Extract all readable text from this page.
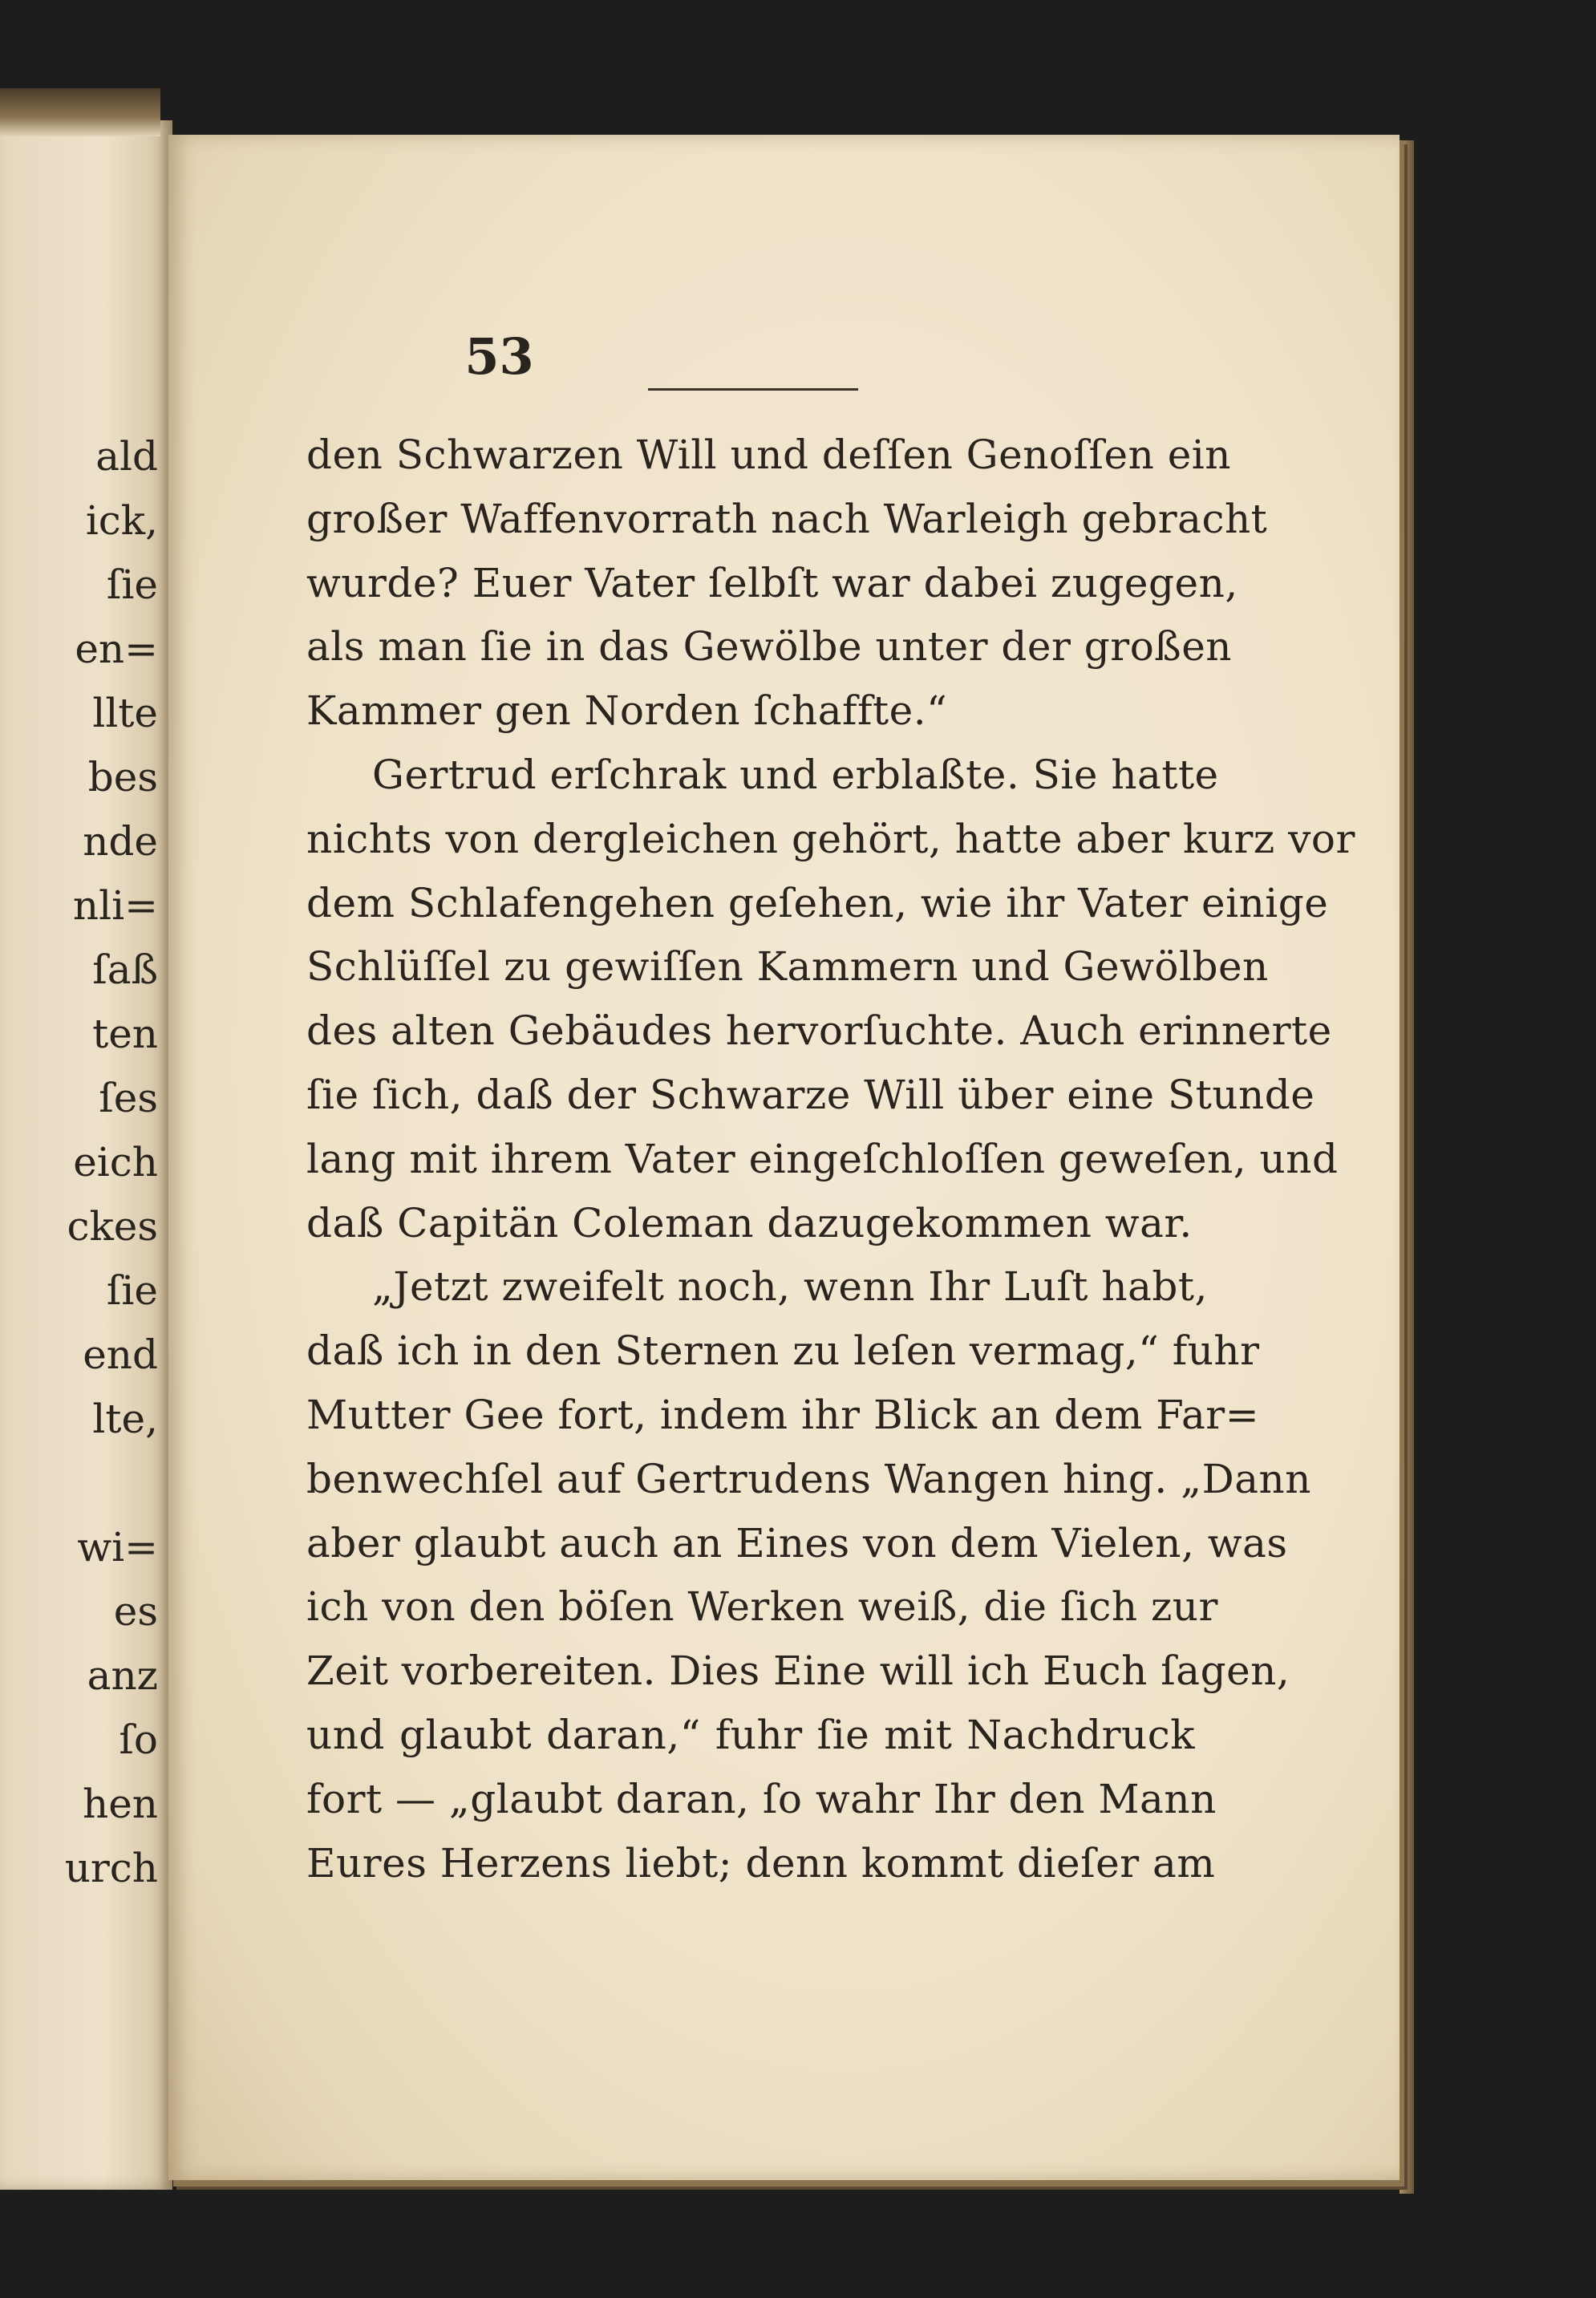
ald
ick,
ſie
en=
llte
bes
nde
nli=
ſaß
ten
ſes
eich
ckes
ſie
end
lte,
wi=
es
anz
ſo
hen
urch
53
den Schwarzen Will und deſſen Genoſſen ein
großer Waffenvorrath nach Warleigh gebracht
wurde? Euer Vater ſelbſt war dabei zugegen,
als man ſie in das Gewölbe unter der großen
Kammer gen Norden ſchaffte.“
Gertrud erſchrak und erblaßte. Sie hatte
nichts von dergleichen gehört, hatte aber kurz vor
dem Schlafengehen geſehen, wie ihr Vater einige
Schlüſſel zu gewiſſen Kammern und Gewölben
des alten Gebäudes hervorſuchte. Auch erinnerte
ſie ſich, daß der Schwarze Will über eine Stunde
lang mit ihrem Vater eingeſchloſſen geweſen, und
daß Capitän Coleman dazugekommen war.
„Jetzt zweifelt noch, wenn Ihr Luſt habt,
daß ich in den Sternen zu leſen vermag,“ fuhr
Mutter Gee fort, indem ihr Blick an dem Far=
benwechſel auf Gertrudens Wangen hing. „Dann
aber glaubt auch an Eines von dem Vielen, was
ich von den böſen Werken weiß, die ſich zur
Zeit vorbereiten. Dies Eine will ich Euch ſagen,
und glaubt daran,“ fuhr ſie mit Nachdruck
fort — „glaubt daran, ſo wahr Ihr den Mann
Eures Herzens liebt; denn kommt dieſer am
